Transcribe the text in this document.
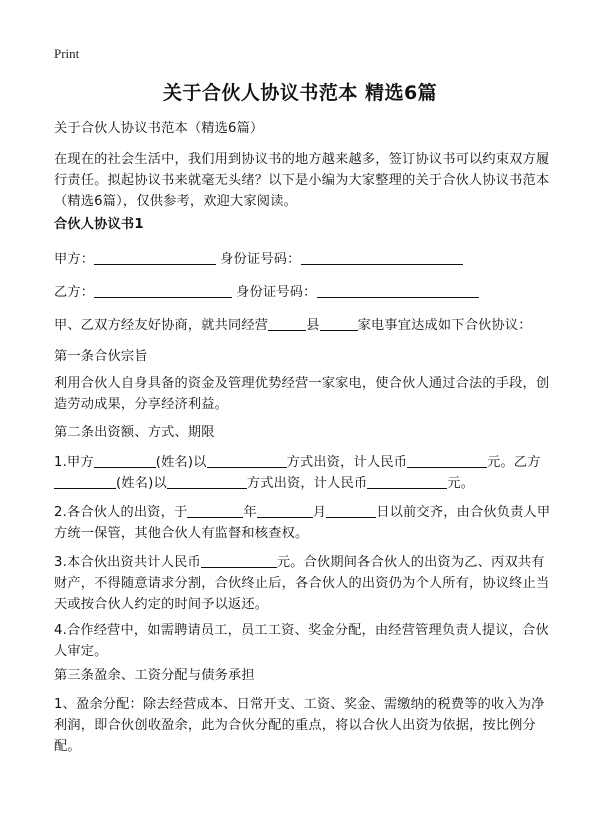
Print
关于合伙人协议书范本 精选6篇

关于合伙人协议书范本（精选6篇）

在现在的社会生活中，我们用到协议书的地方越来越多，签订协议书可以约束双方履行责任。拟起协议书来就毫无头绪？以下是小编为大家整理的关于合伙人协议书范本（精选6篇），仅供参考，欢迎大家阅读。

合伙人协议书1

甲方：	身份证号码：

乙方：	身份证号码：

甲、乙双方经友好协商，就共同经营	县	家电事宜达成如下合伙协议：

第一条合伙宗旨

利用合伙人自身具备的资金及管理优势经营一家家电，使合伙人通过合法的手段，创造劳动成果，分享经济利益。

第二条出资额、方式、期限

1.甲方	(姓名)以	方式出资，计人民币	元。乙方
(姓名)以	方式出资，计人民币	元。

2.各合伙人的出资，于	年	月	日以前交齐，由合伙负责人甲方统一保管，其他合伙人有监督和核查权。

3.本合伙出资共计人民币	元。合伙期间各合伙人的出资为乙、丙双共有财产，不得随意请求分割，合伙终止后，各合伙人的出资仍为个人所有，协议终止当天或按合伙人约定的时间予以返还。

4.合作经营中，如需聘请员工，员工工资、奖金分配，由经营管理负责人提议，合伙人审定。

第三条盈余、工资分配与债务承担

1、盈余分配：除去经营成本、日常开支、工资、奖金、需缴纳的税费等的收入为净利润，即合伙创收盈余，此为合伙分配的重点，将以合伙人出资为依据，按比例分配。
